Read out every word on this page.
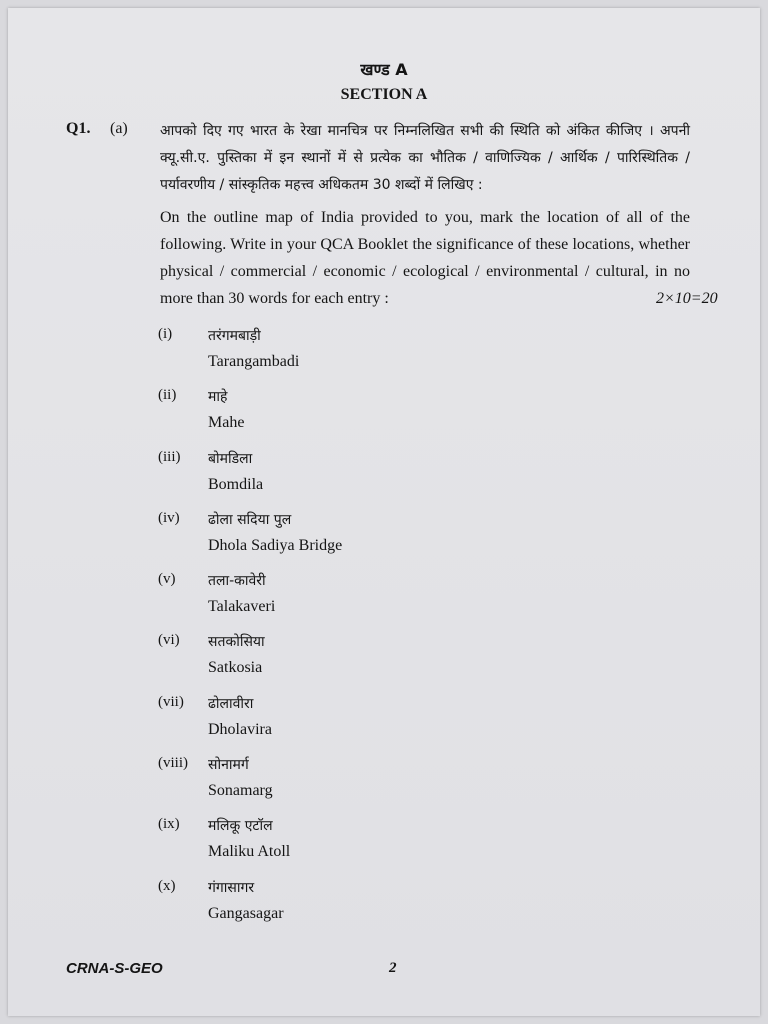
खण्ड A
SECTION A
Q1. (a) आपको दिए गए भारत के रेखा मानचित्र पर निम्नलिखित सभी की स्थिति को अंकित कीजिए । अपनी क्यू.सी.ए. पुस्तिका में इन स्थानों में से प्रत्येक का भौतिक / वाणिज्यिक / आर्थिक / पारिस्थितिक / पर्यावरणीय / सांस्कृतिक महत्त्व अधिकतम 30 शब्दों में लिखिए :
On the outline map of India provided to you, mark the location of all of the following. Write in your QCA Booklet the significance of these locations, whether physical / commercial / economic / ecological / environmental / cultural, in no more than 30 words for each entry :	2×10=20
(i)	तरंगमबाड़ी
Tarangambadi
(ii) माहे
Mahe
(iii) बोमडिला
Bomdila
(iv) ढोला सदिया पुल
Dhola Sadiya Bridge
(v) तला-कावेरी
Talakaveri
(vi) सतकोसिया
Satkosia
(vii) ढोलावीरा
Dholavira
(viii) सोनामर्ग
Sonamarg
(ix) मलिकू एटॉल
Maliku Atoll
(x) गंगासागर
Gangasagar
CRNA-S-GEO	2
